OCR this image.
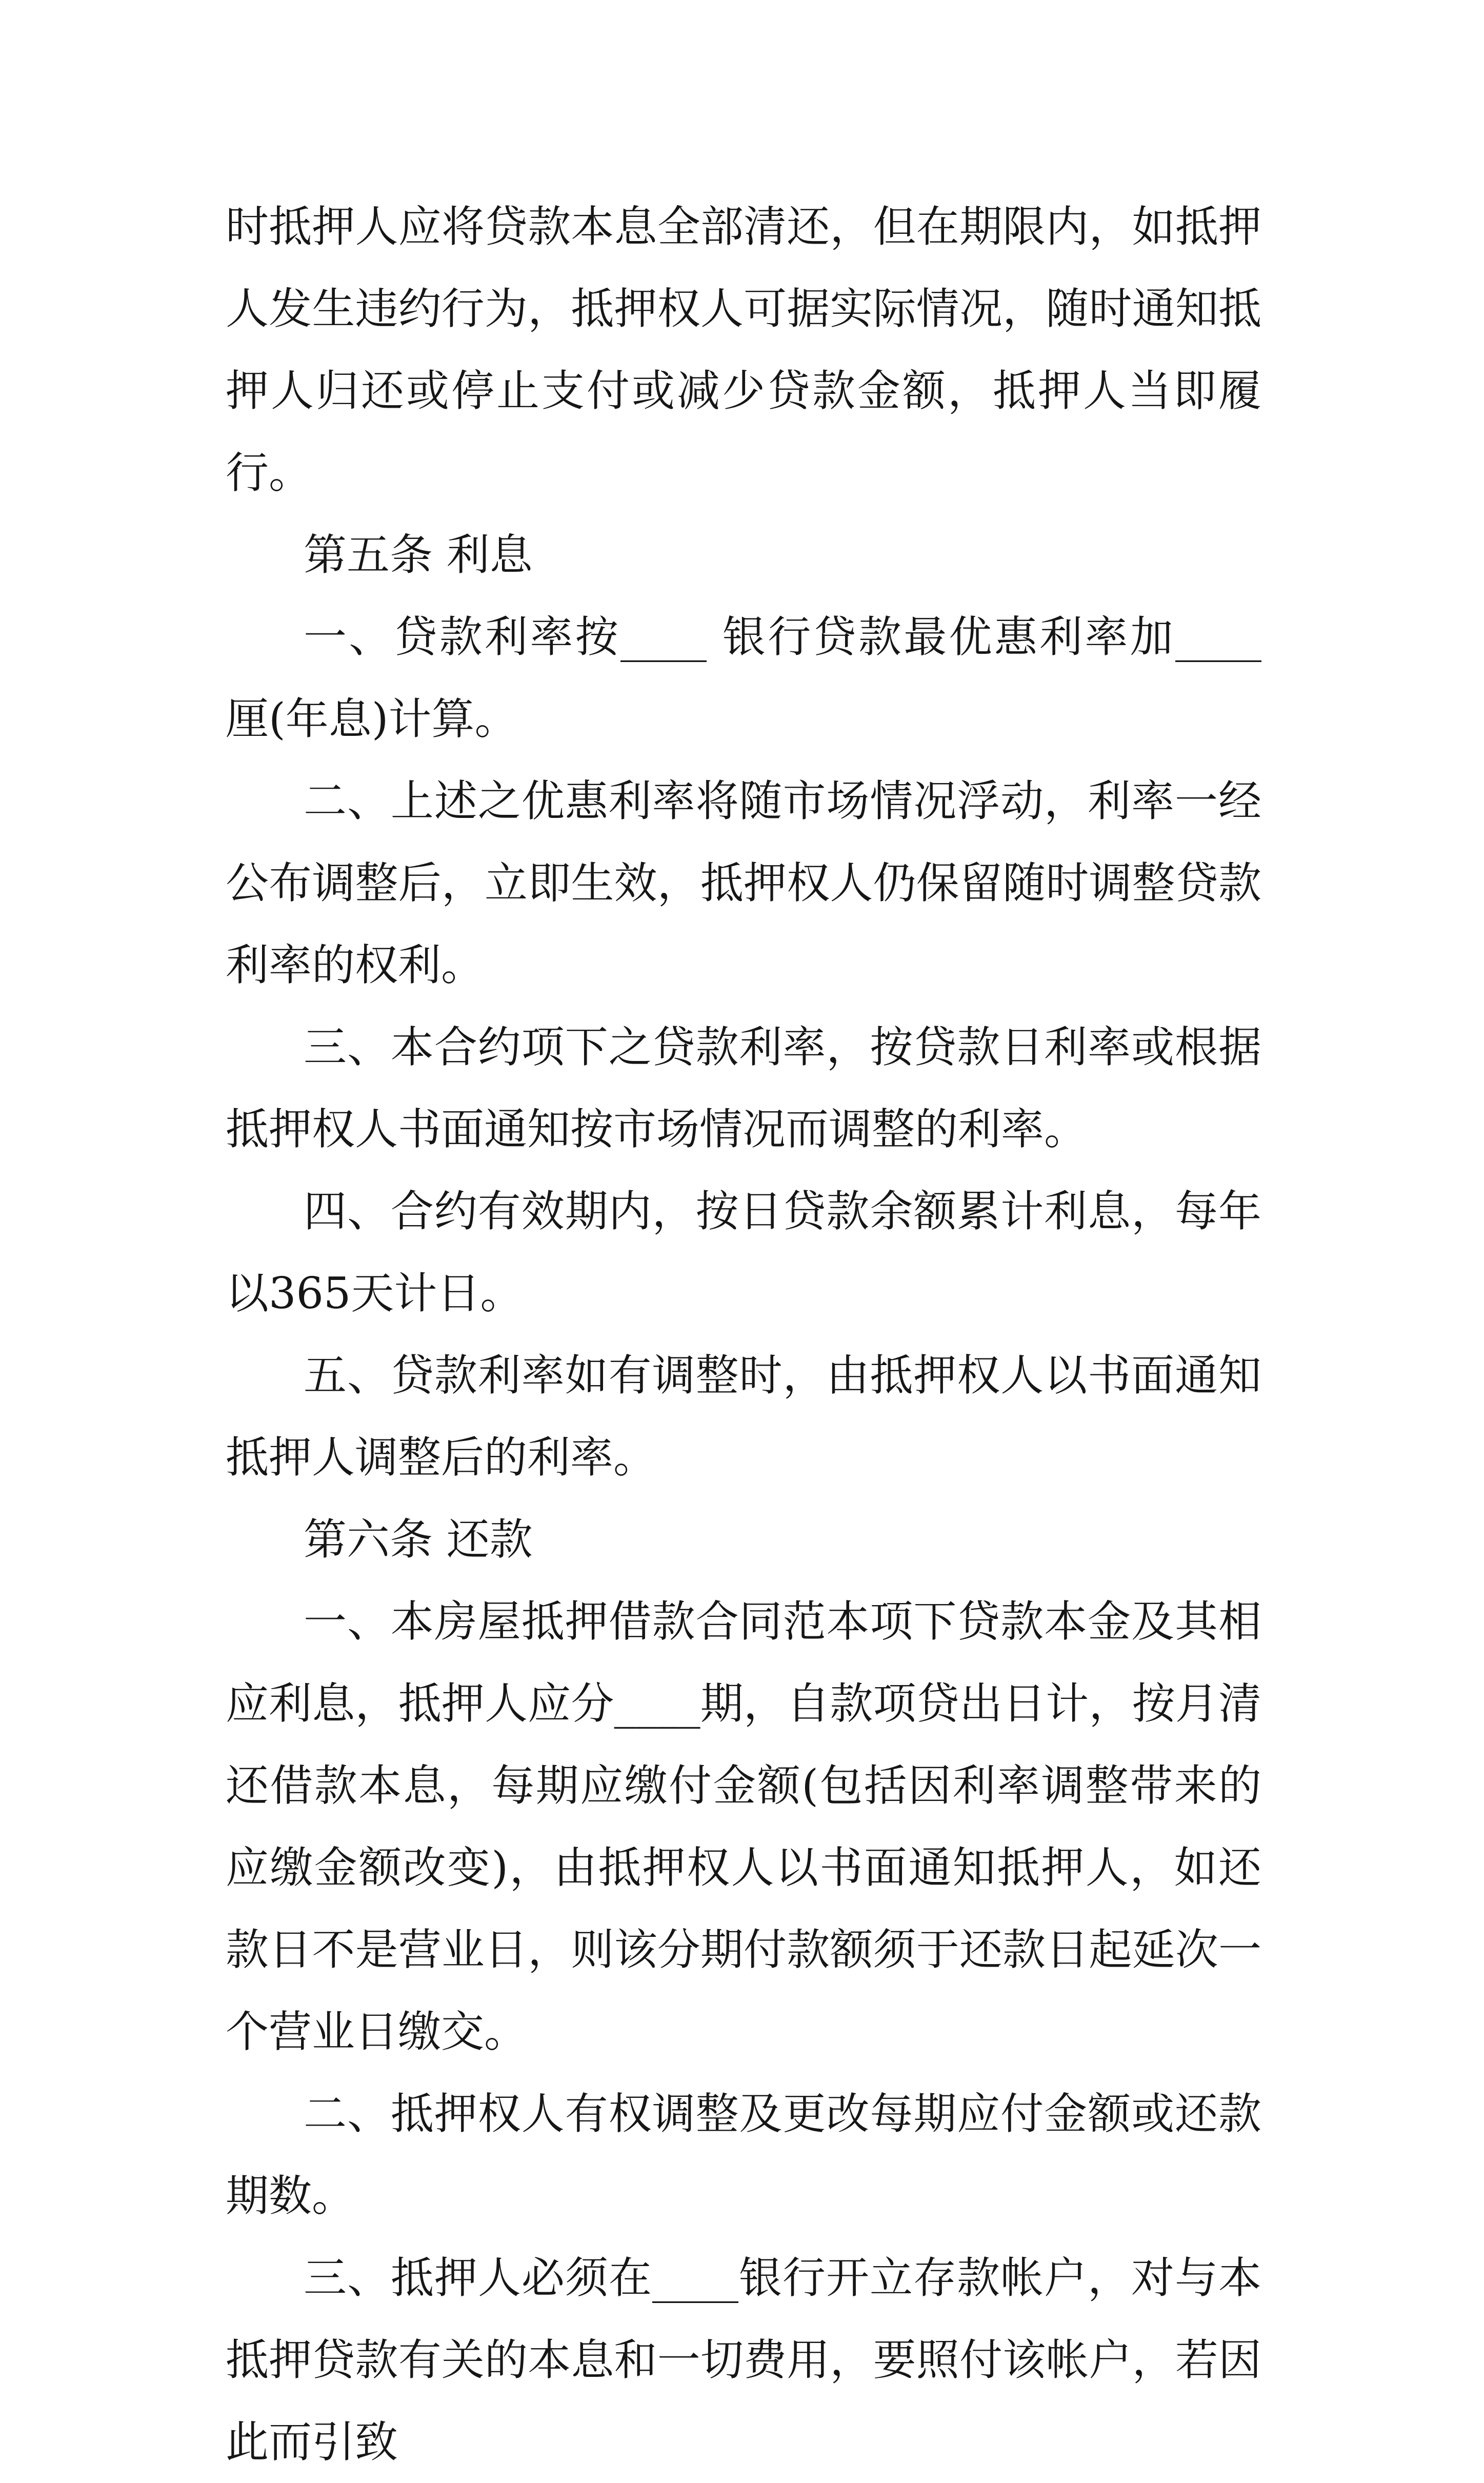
时抵押人应将贷款本息全部清还，但在期限内，如抵押人发生违约行为，抵押权人可据实际情况，随时通知抵押人归还或停止支付或减少贷款金额，抵押人当即履行。

第五条 利息

一、贷款利率按____ 银行贷款最优惠利率加____厘(年息)计算。

二、上述之优惠利率将随市场情况浮动，利率一经公布调整后，立即生效，抵押权人仍保留随时调整贷款利率的权利。

三、本合约项下之贷款利率，按贷款日利率或根据抵押权人书面通知按市场情况而调整的利率。

四、合约有效期内，按日贷款余额累计利息，每年以365天计日。

五、贷款利率如有调整时，由抵押权人以书面通知抵押人调整后的利率。

第六条 还款

一、本房屋抵押借款合同范本项下贷款本金及其相应利息，抵押人应分____期，自款项贷出日计，按月清还借款本息，每期应缴付金额(包括因利率调整带来的应缴金额改变)，由抵押权人以书面通知抵押人，如还款日不是营业日，则该分期付款额须于还款日起延次一个营业日缴交。

二、抵押权人有权调整及更改每期应付金额或还款期数。

三、抵押人必须在____银行开立存款帐户，对与本抵押贷款有关的本息和一切费用，要照付该帐户，若因此而引致
